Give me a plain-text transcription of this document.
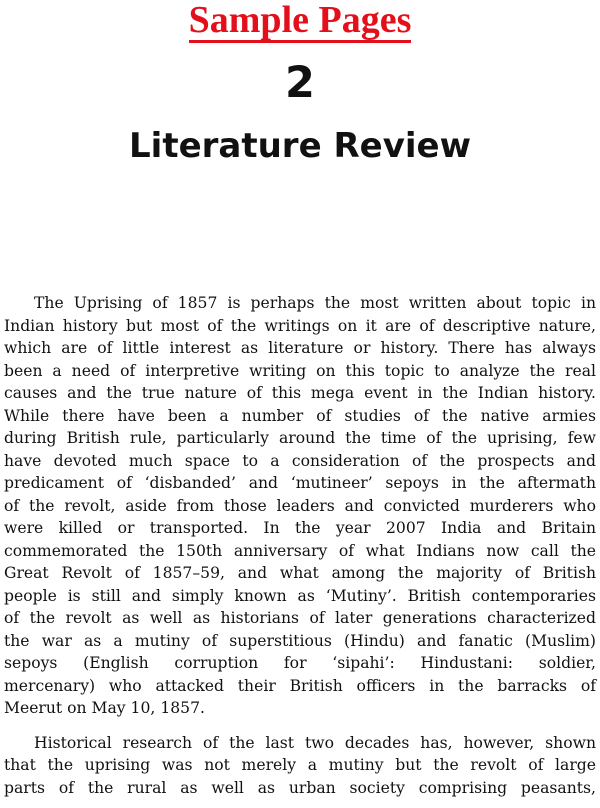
Sample Pages
2
Literature Review

The Uprising of 1857 is perhaps the most written about topic in
Indian history but most of the writings on it are of descriptive nature,
which are of little interest as literature or history. There has always
been a need of interpretive writing on this topic to analyze the real
causes and the true nature of this mega event in the Indian history.
While there have been a number of studies of the native armies
during British rule, particularly around the time of the uprising, few
have devoted much space to a consideration of the prospects and
predicament of ‘disbanded’ and ‘mutineer’ sepoys in the aftermath
of the revolt, aside from those leaders and convicted murderers who
were killed or transported. In the year 2007 India and Britain
commemorated the 150th anniversary of what Indians now call the
Great Revolt of 1857–59, and what among the majority of British
people is still and simply known as ‘Mutiny’. British contemporaries
of the revolt as well as historians of later generations characterized
the war as a mutiny of superstitious (Hindu) and fanatic (Muslim)
sepoys (English corruption for ‘sipahi’: Hindustani: soldier,
mercenary) who attacked their British officers in the barracks of
Meerut on May 10, 1857.

Historical research of the last two decades has, however, shown
that the uprising was not merely a mutiny but the revolt of large
parts of the rural as well as urban society comprising peasants,
